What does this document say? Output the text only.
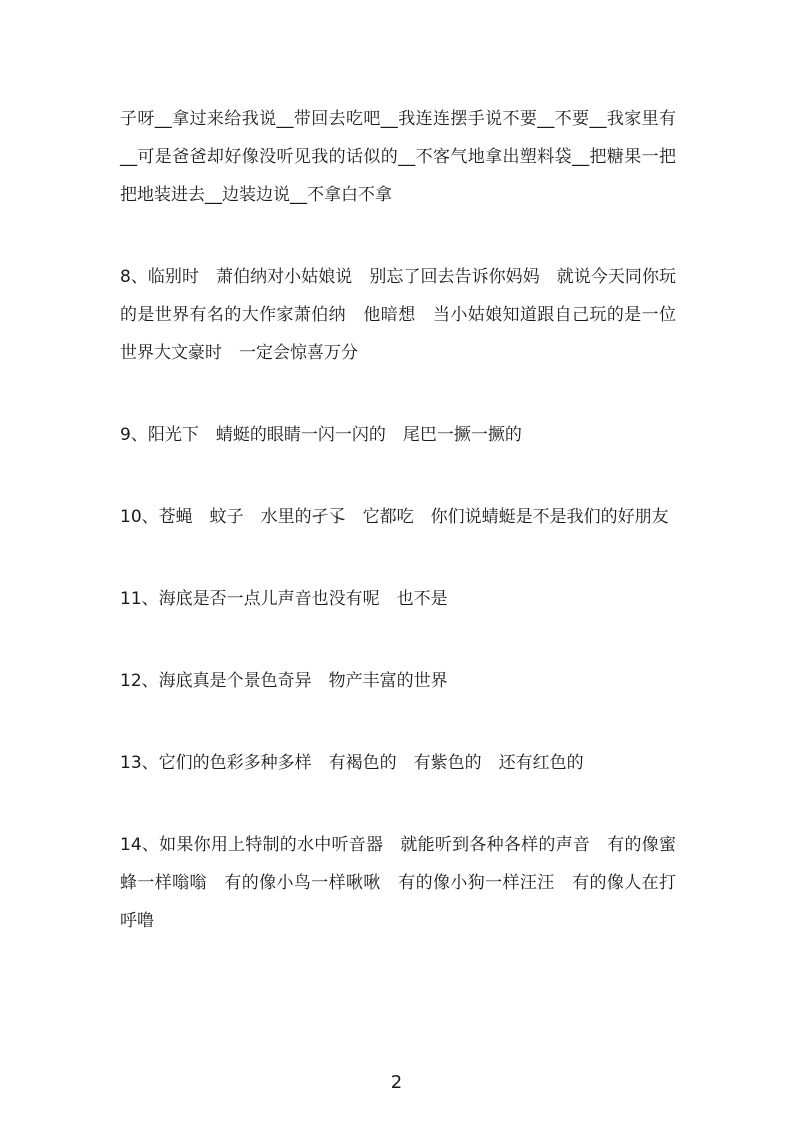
子呀__拿过来给我说__带回去吃吧__我连连摆手说不要__不要__我家里有__可是爸爸却好像没听见我的话似的__不客气地拿出塑料袋__把糖果一把把地装进去__边装边说__不拿白不拿

8、临别时　萧伯纳对小姑娘说　别忘了回去告诉你妈妈　就说今天同你玩的是世界有名的大作家萧伯纳　他暗想　当小姑娘知道跟自己玩的是一位世界大文豪时　一定会惊喜万分

9、阳光下　蜻蜓的眼睛一闪一闪的　尾巴一撅一撅的

10、苍蝇　蚊子　水里的孑孓　它都吃　你们说蜻蜓是不是我们的好朋友

11、海底是否一点儿声音也没有呢　也不是

12、海底真是个景色奇异　物产丰富的世界

13、它们的色彩多种多样　有褐色的　有紫色的　还有红色的

14、如果你用上特制的水中听音器　就能听到各种各样的声音　有的像蜜蜂一样嗡嗡　有的像小鸟一样啾啾　有的像小狗一样汪汪　有的像人在打呼噜

2
